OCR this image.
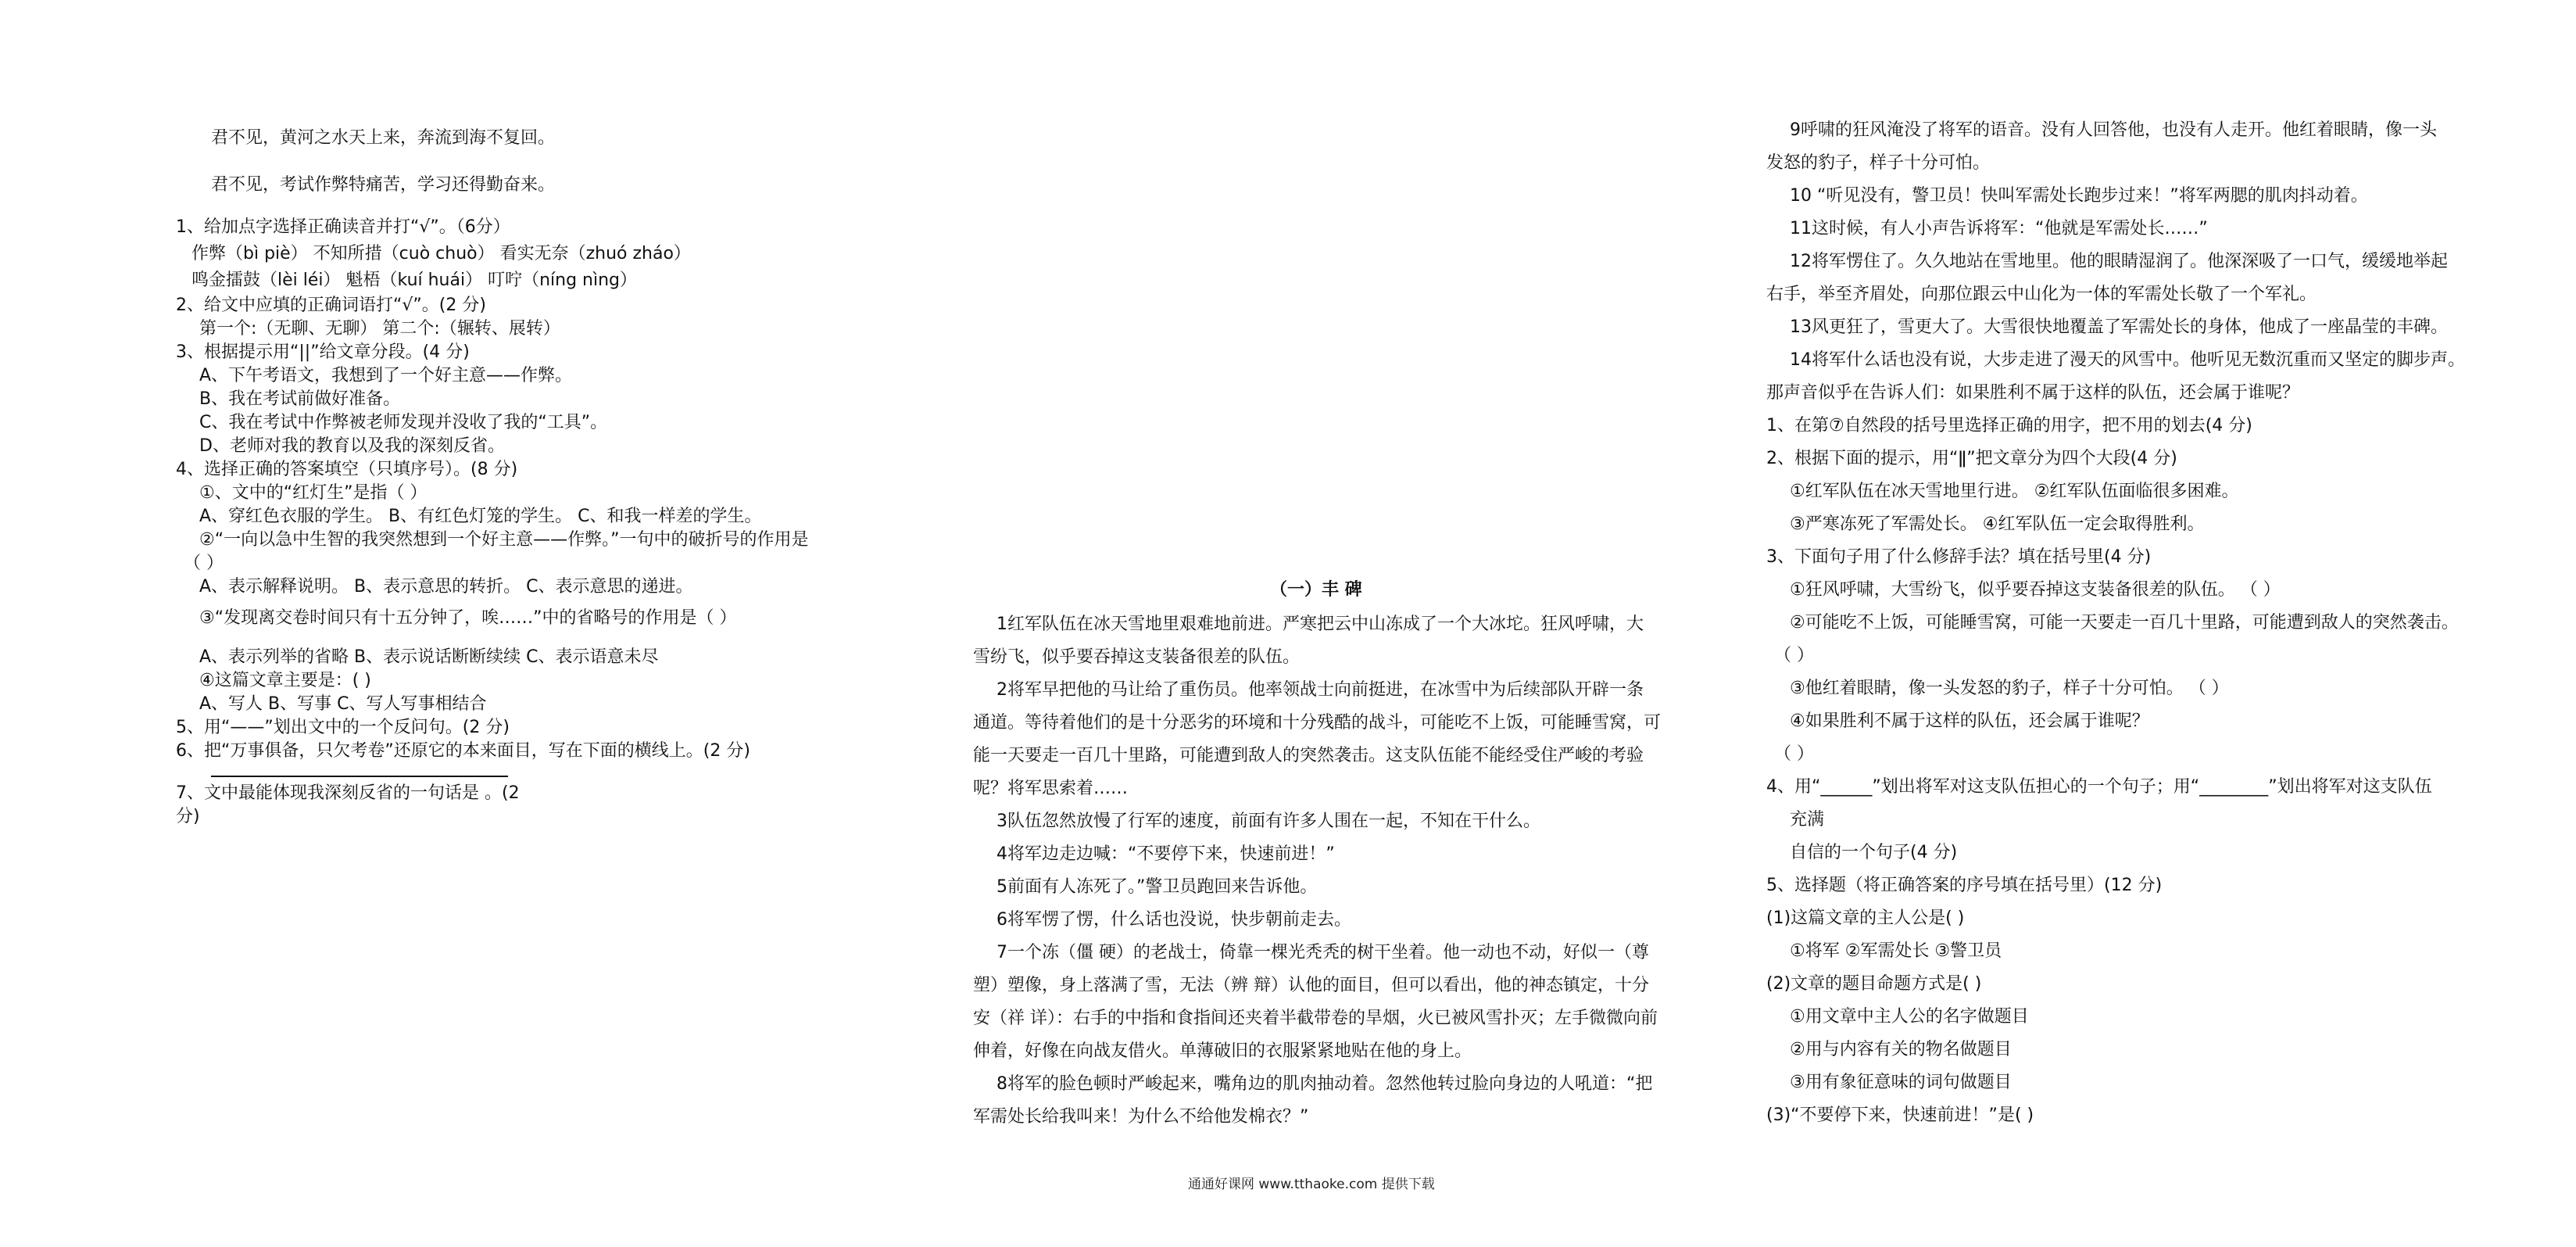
君不见，黄河之水天上来，奔流到海不复回。
君不见，考试作弊特痛苦，学习还得勤奋来。
1、给加点字选择正确读音并打“√”。（6分）
作弊（bì piè） 不知所措（cuò chuò） 看实无奈（zhuó zháo）
鸣金擂鼓（lèi léi） 魁梧（kuí huái） 叮咛（níng nìng）
2、给文中应填的正确词语打“√”。(2 分)
第一个:（无聊、无聊） 第二个:（辗转、展转）
3、根据提示用“||”给文章分段。(4 分)
A、下午考语文，我想到了一个好主意——作弊。
B、我在考试前做好准备。
C、我在考试中作弊被老师发现并没收了我的“工具”。
D、老师对我的教育以及我的深刻反省。
4、选择正确的答案填空（只填序号）。(8 分)
①、文中的“红灯生”是指（ ）
A、穿红色衣服的学生。 B、有红色灯笼的学生。 C、和我一样差的学生。
②“一向以急中生智的我突然想到一个好主意——作弊。”一句中的破折号的作用是
（ ）
A、表示解释说明。 B、表示意思的转折。 C、表示意思的递进。
③“发现离交卷时间只有十五分钟了，唉……”中的省略号的作用是（ ）
A、表示列举的省略 B、表示说话断断续续 C、表示语意未尽
④这篇文章主要是：( )
A、写人 B、写事 C、写人写事相结合
5、用“——”划出文中的一个反问句。(2 分)
6、把“万事俱备，只欠考卷”还原它的本来面目，写在下面的横线上。(2 分)
7、文中最能体现我深刻反省的一句话是 。(2
分)
（一）丰 碑
1红军队伍在冰天雪地里艰难地前进。严寒把云中山冻成了一个大冰坨。狂风呼啸，大
雪纷飞，似乎要吞掉这支装备很差的队伍。
2将军早把他的马让给了重伤员。他率领战士向前挺进，在冰雪中为后续部队开辟一条
通道。等待着他们的是十分恶劣的环境和十分残酷的战斗，可能吃不上饭，可能睡雪窝，可
能一天要走一百几十里路，可能遭到敌人的突然袭击。这支队伍能不能经受住严峻的考验
呢？将军思索着……
3队伍忽然放慢了行军的速度，前面有许多人围在一起，不知在干什么。
4将军边走边喊：“不要停下来，快速前进！”
5前面有人冻死了。”警卫员跑回来告诉他。
6将军愣了愣，什么话也没说，快步朝前走去。
7一个冻（僵 硬）的老战士，倚靠一棵光秃秃的树干坐着。他一动也不动，好似一（尊
塑）塑像，身上落满了雪，无法（辨 辩）认他的面目，但可以看出，他的神态镇定，十分
安（祥 详）：右手的中指和食指间还夹着半截带卷的旱烟，火已被风雪扑灭；左手微微向前
伸着，好像在向战友借火。单薄破旧的衣服紧紧地贴在他的身上。
8将军的脸色顿时严峻起来，嘴角边的肌肉抽动着。忽然他转过脸向身边的人吼道：“把
军需处长给我叫来！为什么不给他发棉衣？”
9呼啸的狂风淹没了将军的语音。没有人回答他，也没有人走开。他红着眼睛，像一头
发怒的豹子，样子十分可怕。
10 “听见没有，警卫员！快叫军需处长跑步过来！”将军两腮的肌肉抖动着。
11这时候，有人小声告诉将军：“他就是军需处长……”
12将军愣住了。久久地站在雪地里。他的眼睛湿润了。他深深吸了一口气，缓缓地举起
右手，举至齐眉处，向那位跟云中山化为一体的军需处长敬了一个军礼。
13风更狂了，雪更大了。大雪很快地覆盖了军需处长的身体，他成了一座晶莹的丰碑。
14将军什么话也没有说，大步走进了漫天的风雪中。他听见无数沉重而又坚定的脚步声。
那声音似乎在告诉人们：如果胜利不属于这样的队伍，还会属于谁呢？
1、在第⑦自然段的括号里选择正确的用字，把不用的划去(4 分)
2、根据下面的提示，用“ǁ”把文章分为四个大段(4 分)
①红军队伍在冰天雪地里行进。 ②红军队伍面临很多困难。
③严寒冻死了军需处长。 ④红军队伍一定会取得胜利。
3、下面句子用了什么修辞手法？填在括号里(4 分)
①狂风呼啸，大雪纷飞，似乎要吞掉这支装备很差的队伍。 （ ）
②可能吃不上饭，可能睡雪窝，可能一天要走一百几十里路，可能遭到敌人的突然袭击。
（ ）
③他红着眼睛，像一头发怒的豹子，样子十分可怕。 （ ）
④如果胜利不属于这样的队伍，还会属于谁呢？
（ ）
4、用“______”划出将军对这支队伍担心的一个句子；用“________”划出将军对这支队伍
充满
自信的一个句子(4 分)
5、选择题（将正确答案的序号填在括号里）(12 分)
(1)这篇文章的主人公是( )
①将军 ②军需处长 ③警卫员
(2)文章的题目命题方式是( )
①用文章中主人公的名字做题目
②用与内容有关的物名做题目
③用有象征意味的词句做题目
(3)“不要停下来，快速前进！”是( )
通通好课网 www.tthaoke.com 提供下载
